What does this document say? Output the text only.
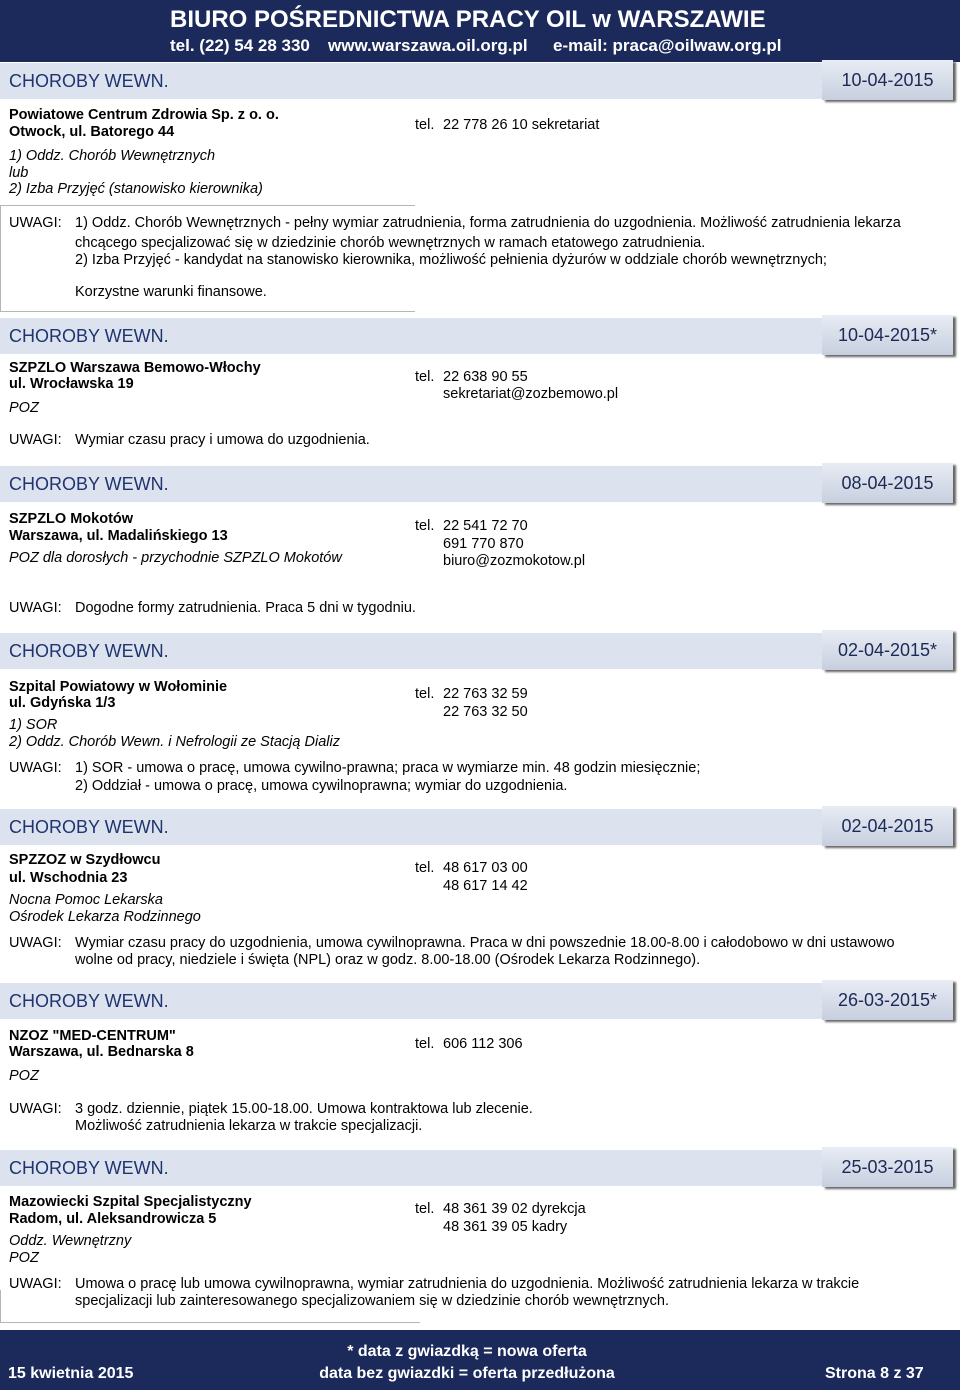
BIURO POŚREDNICTWA PRACY OIL w WARSZAWIE
tel. (22) 54 28 330 www.warszawa.oil.org.pl e-mail: praca@oilwaw.org.pl
CHOROBY WEWN.	10-04-2015
Powiatowe Centrum Zdrowia Sp. z o. o.
Otwock, ul. Batorego 44
1) Oddz. Chorób Wewnętrznych
lub
2) Izba Przyjęć (stanowisko kierownika)
tel. 22 778 26 10 sekretariat
UWAGI: 1) Oddz. Chorób Wewnętrznych - pełny wymiar zatrudnienia, forma zatrudnienia do uzgodnienia. Możliwość zatrudnienia lekarza
chcącego specjalizować się w dziedzinie chorób wewnętrznych w ramach etatowego zatrudnienia.
2) Izba Przyjęć - kandydat na stanowisko kierownika, możliwość pełnienia dyżurów w oddziale chorób wewnętrznych;
Korzystne warunki finansowe.
CHOROBY WEWN.	10-04-2015*
SZPZLO Warszawa Bemowo-Włochy
ul. Wrocławska 19
POZ
tel. 22 638 90 55
sekretariat@zozbemowo.pl
UWAGI: Wymiar czasu pracy i umowa do uzgodnienia.
CHOROBY WEWN.	08-04-2015
SZPZLO Mokotów
Warszawa, ul. Madalińskiego 13
POZ dla dorosłych - przychodnie SZPZLO Mokotów
tel. 22 541 72 70
691 770 870
biuro@zozmokotow.pl
UWAGI: Dogodne formy zatrudnienia. Praca 5 dni w tygodniu.
CHOROBY WEWN.	02-04-2015*
Szpital Powiatowy w Wołominie
ul. Gdyńska 1/3
1) SOR
2) Oddz. Chorób Wewn. i Nefrologii ze Stacją Dializ
tel. 22 763 32 59
22 763 32 50
UWAGI: 1) SOR - umowa o pracę, umowa cywilno-prawna; praca w wymiarze min. 48 godzin miesięcznie;
2) Oddział - umowa o pracę, umowa cywilnoprawna; wymiar do uzgodnienia.
CHOROBY WEWN.	02-04-2015
SPZZOZ w Szydłowcu
ul. Wschodnia 23
Nocna Pomoc Lekarska
Ośrodek Lekarza Rodzinnego
tel. 48 617 03 00
48 617 14 42
UWAGI: Wymiar czasu pracy do uzgodnienia, umowa cywilnoprawna. Praca w dni powszednie 18.00-8.00 i całodobowo w dni ustawowo
wolne od pracy, niedziele i święta (NPL) oraz w godz. 8.00-18.00 (Ośrodek Lekarza Rodzinnego).
CHOROBY WEWN.	26-03-2015*
NZOZ "MED-CENTRUM"
Warszawa, ul. Bednarska 8
POZ
tel. 606 112 306
UWAGI: 3 godz. dziennie, piątek 15.00-18.00. Umowa kontraktowa lub zlecenie.
Możliwość zatrudnienia lekarza w trakcie specjalizacji.
CHOROBY WEWN.	25-03-2015
Mazowiecki Szpital Specjalistyczny
Radom, ul. Aleksandrowicza 5
Oddz. Wewnętrzny
POZ
tel. 48 361 39 02 dyrekcja
48 361 39 05 kadry
UWAGI: Umowa o pracę lub umowa cywilnoprawna, wymiar zatrudnienia do uzgodnienia. Możliwość zatrudnienia lekarza w trakcie
specjalizacji lub zainteresowanego specjalizowaniem się w dziedzinie chorób wewnętrznych.
15 kwietnia 2015
* data z gwiazdką = nowa oferta
data bez gwiazdki = oferta przedłużona	Strona 8 z 37
